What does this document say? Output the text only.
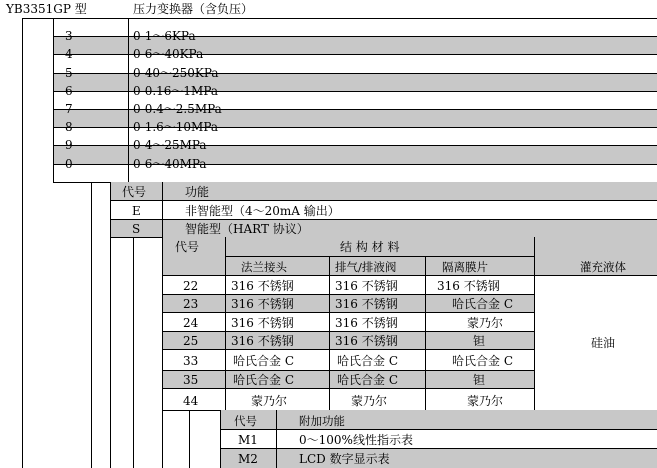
YB3351GP 型	压力变换器（含负压）
3	0-1～6KPa
4	0-6～40KPa
5	0-40～250KPa
6	0-0.16～1MPa
7	0-0.4～2.5MPa
8	0-1.6～10MPa
9	0-4～25MPa
0	0-6～40MPa
代号	功能
E	非智能型（4～20mA 输出）
S	智能型（HART 协议）
代号	结 构 材 料
法兰接头	排气/排液阀	隔离膜片	灌充液体
硅油
22	316 不锈钢	316 不锈钢	316 不锈钢
23	316 不锈钢	316 不锈钢	哈氏合金 C
24	316 不锈钢	316 不锈钢	蒙乃尔
25	316 不锈钢	316 不锈钢	钽
33	哈氏合金 C	哈氏合金 C	哈氏合金 C
35	哈氏合金 C	哈氏合金 C	钽
44	蒙乃尔	蒙乃尔	蒙乃尔
代号	附加功能
M1	0～100%线性指示表
M2	LCD 数字显示表
